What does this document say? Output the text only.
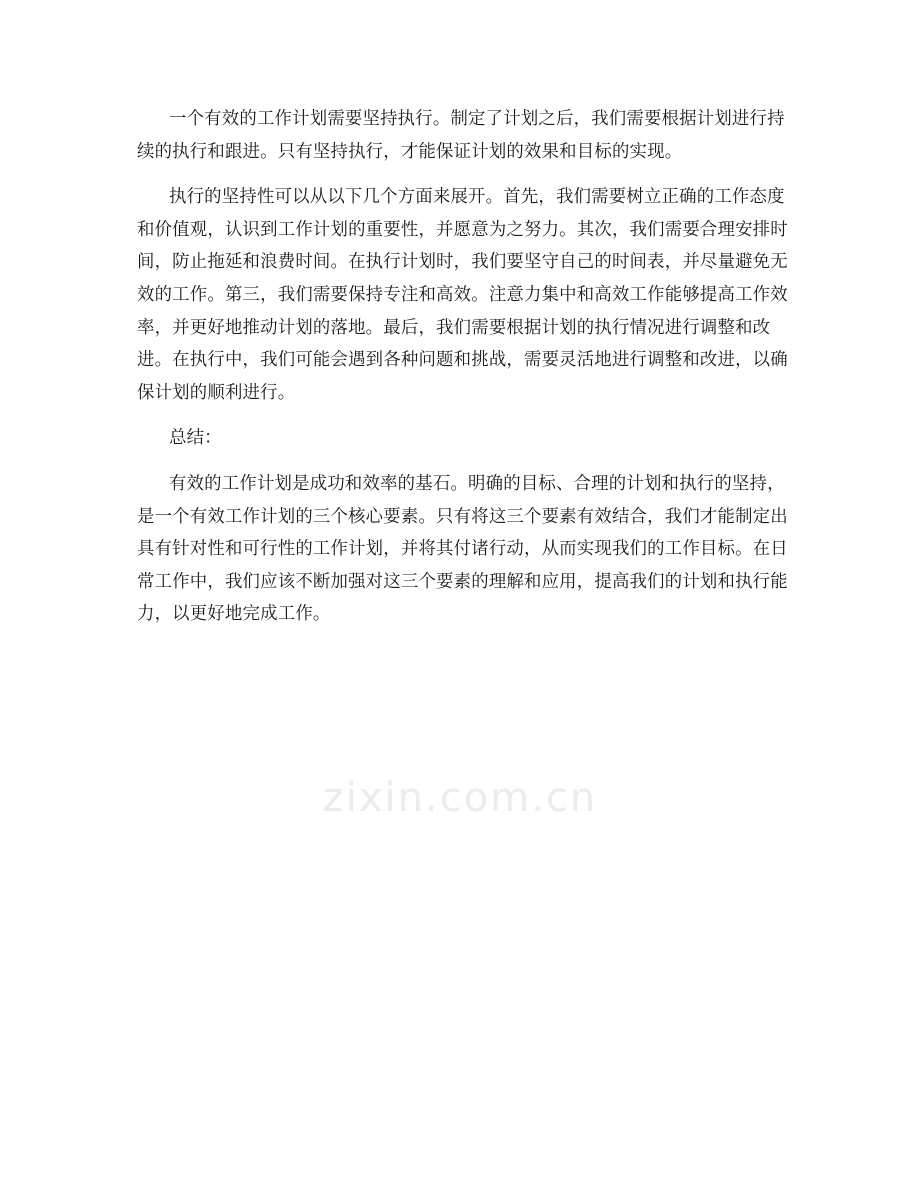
一个有效的工作计划需要坚持执行。制定了计划之后，我们需要根据计划进行持续的执行和跟进。只有坚持执行，才能保证计划的效果和目标的实现。

执行的坚持性可以从以下几个方面来展开。首先，我们需要树立正确的工作态度和价值观，认识到工作计划的重要性，并愿意为之努力。其次，我们需要合理安排时间，防止拖延和浪费时间。在执行计划时，我们要坚守自己的时间表，并尽量避免无效的工作。第三，我们需要保持专注和高效。注意力集中和高效工作能够提高工作效率，并更好地推动计划的落地。最后，我们需要根据计划的执行情况进行调整和改进。在执行中，我们可能会遇到各种问题和挑战，需要灵活地进行调整和改进，以确保计划的顺利进行。

总结：

有效的工作计划是成功和效率的基石。明确的目标、合理的计划和执行的坚持，是一个有效工作计划的三个核心要素。只有将这三个要素有效结合，我们才能制定出具有针对性和可行性的工作计划，并将其付诸行动，从而实现我们的工作目标。在日常工作中，我们应该不断加强对这三个要素的理解和应用，提高我们的计划和执行能力，以更好地完成工作。

zixin.com.cn
